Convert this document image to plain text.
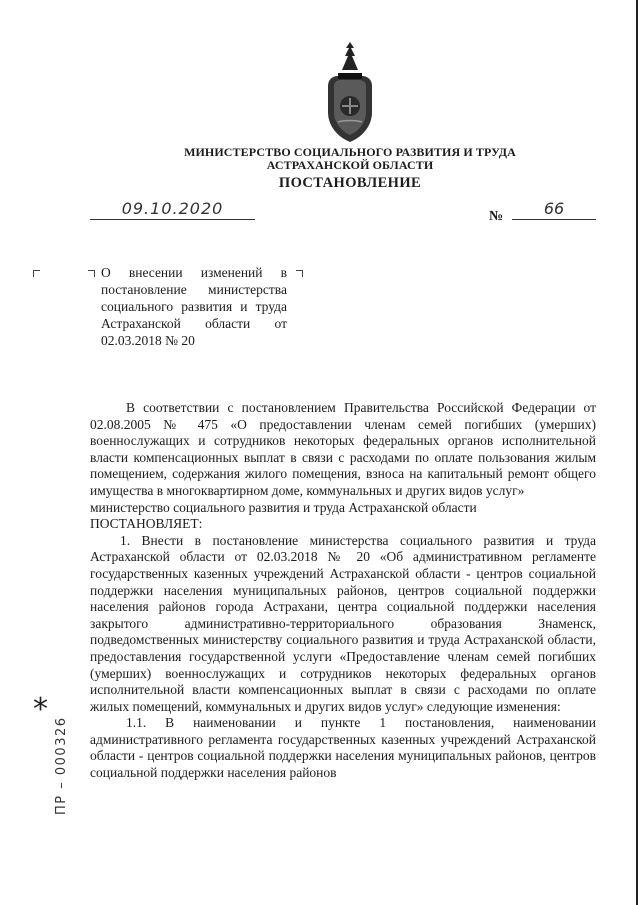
МИНИСТЕРСТВО СОЦИАЛЬНОГО РАЗВИТИЯ И ТРУДА
АСТРАХАНСКОЙ ОБЛАСТИ
ПОСТАНОВЛЕНИЕ
09.10.2020	№	66
О внесении изменений в постановление министерства социального развития и труда Астраханской области от 02.03.2018 № 20

В соответствии с постановлением Правительства Российской Федерации от 02.08.2005 № 475 «О предоставлении членам семей погибших (умерших) военнослужащих и сотрудников некоторых федеральных органов исполнительной власти компенсационных выплат в связи с расходами по оплате пользования жилым помещением, содержания жилого помещения, взноса на капитальный ремонт общего имущества в многоквартирном доме, коммунальных и других видов услуг»

министерство социального развития и труда Астраханской области

ПОСТАНОВЛЯЕТ:

1. Внести в постановление министерства социального развития и труда Астраханской области от 02.03.2018 № 20 «Об административном регламенте государственных казенных учреждений Астраханской области - центров социальной поддержки населения муниципальных районов, центров социальной поддержки населения районов города Астрахани, центра социальной поддержки населения закрытого административно-территориального образования Знаменск, подведомственных министерству социального развития и труда Астраханской области, предоставления государственной услуги «Предоставление членам семей погибших (умерших) военнослужащих и сотрудников некоторых федеральных органов исполнительной власти компенсационных выплат в связи с расходами по оплате жилых помещений, коммунальных и других видов услуг» следующие изменения:

1.1. В наименовании и пункте 1 постановления, наименовании административного регламента государственных казенных учреждений Астраханской области - центров социальной поддержки населения муниципальных районов, центров социальной поддержки населения районов

*
ПР – 000326
